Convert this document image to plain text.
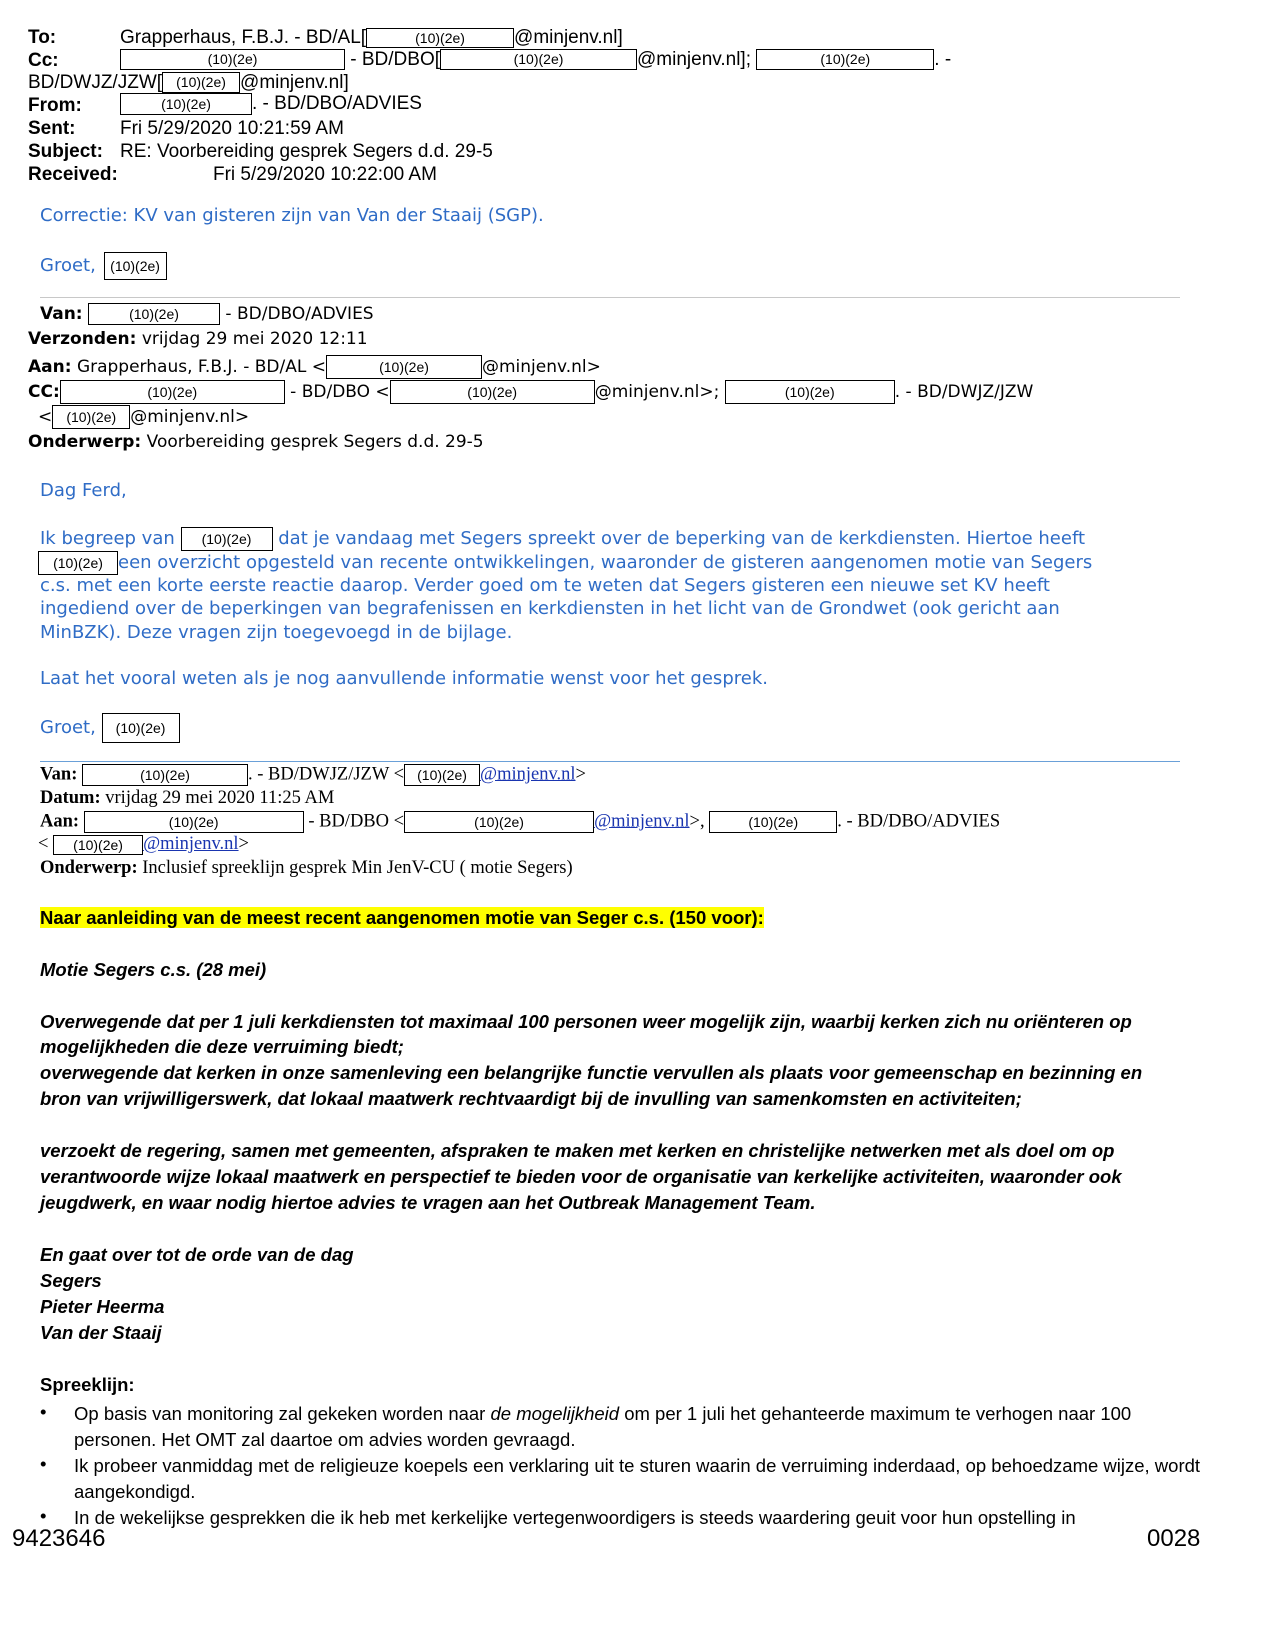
To:	Grapperhaus, F.B.J. - BD/AL[	(10)(2e)	@minjenv.nl]
Cc:	(10)(2e)	- BD/DBO[	(10)(2e)	@minjenv.nl];	(10)(2e)	. -
BD/DWJZ/JZW[ (10)(2e) @minjenv.nl]
From:	(10)(2e) . - BD/DBO/ADVIES
Sent: Fri 5/29/2020 10:21:59 AM
Subject: RE: Voorbereiding gesprek Segers d.d. 29-5
Received:	Fri 5/29/2020 10:22:00 AM
Correctie: KV van gisteren zijn van Van der Staaij (SGP).
Groet, (10)(2e)
Van:	(10)(2e)	- BD/DBO/ADVIES
Verzonden: vrijdag 29 mei 2020 12:11
Aan: Grapperhaus, F.B.J. - BD/AL <	(10)(2e)	@minjenv.nl>
CC:	(10)(2e)	- BD/DBO <	(10)(2e)	@minjenv.nl>;	(10)(2e)	. - BD/DWJZ/JZW
< (10)(2e) @minjenv.nl>
Onderwerp: Voorbereiding gesprek Segers d.d. 29-5
Dag Ferd,
Ik begreep van (10)(2e) dat je vandaag met Segers spreekt over de beperking van de kerkdiensten. Hiertoe heeft
(10)(2e) een overzicht opgesteld van recente ontwikkelingen, waaronder de gisteren aangenomen motie van Segers
c.s. met een korte eerste reactie daarop. Verder goed om te weten dat Segers gisteren een nieuwe set KV heeft
ingediend over de beperkingen van begrafenissen en kerkdiensten in het licht van de Grondwet (ook gericht aan
MinBZK). Deze vragen zijn toegevoegd in de bijlage.
Laat het vooral weten als je nog aanvullende informatie wenst voor het gesprek.
Groet, (10)(2e)
Van:	(10)(2e)	. - BD/DWJZ/JZW < (10)(2e) @minjenv.nl>
Datum: vrijdag 29 mei 2020 11:25 AM
Aan:	(10)(2e)	- BD/DBO <	(10)(2e)	@minjenv.nl>,	(10)(2e) . - BD/DBO/ADVIES
< (10)(2e) @minjenv.nl>
Onderwerp: Inclusief spreeklijn gesprek Min JenV-CU ( motie Segers)
Naar aanleiding van de meest recent aangenomen motie van Seger c.s. (150 voor):
Motie Segers c.s. (28 mei)
Overwegende dat per 1 juli kerkdiensten tot maximaal 100 personen weer mogelijk zijn, waarbij kerken zich nu oriënteren op
mogelijkheden die deze verruiming biedt;
overwegende dat kerken in onze samenleving een belangrijke functie vervullen als plaats voor gemeenschap en bezinning en
bron van vrijwilligerswerk, dat lokaal maatwerk rechtvaardigt bij de invulling van samenkomsten en activiteiten;
verzoekt de regering, samen met gemeenten, afspraken te maken met kerken en christelijke netwerken met als doel om op
verantwoorde wijze lokaal maatwerk en perspectief te bieden voor de organisatie van kerkelijke activiteiten, waaronder ook
jeugdwerk, en waar nodig hiertoe advies te vragen aan het Outbreak Management Team.
En gaat over tot de orde van de dag
Segers
Pieter Heerma
Van der Staaij
Spreeklijn:
• Op basis van monitoring zal gekeken worden naar de mogelijkheid om per 1 juli het gehanteerde maximum te verhogen naar 100 personen. Het OMT zal daartoe om advies worden gevraagd.
• Ik probeer vanmiddag met de religieuze koepels een verklaring uit te sturen waarin de verruiming inderdaad, op behoedzame wijze, wordt aangekondigd.
• In de wekelijkse gesprekken die ik heb met kerkelijke vertegenwoordigers is steeds waardering geuit voor hun opstelling in
9423646	0028
